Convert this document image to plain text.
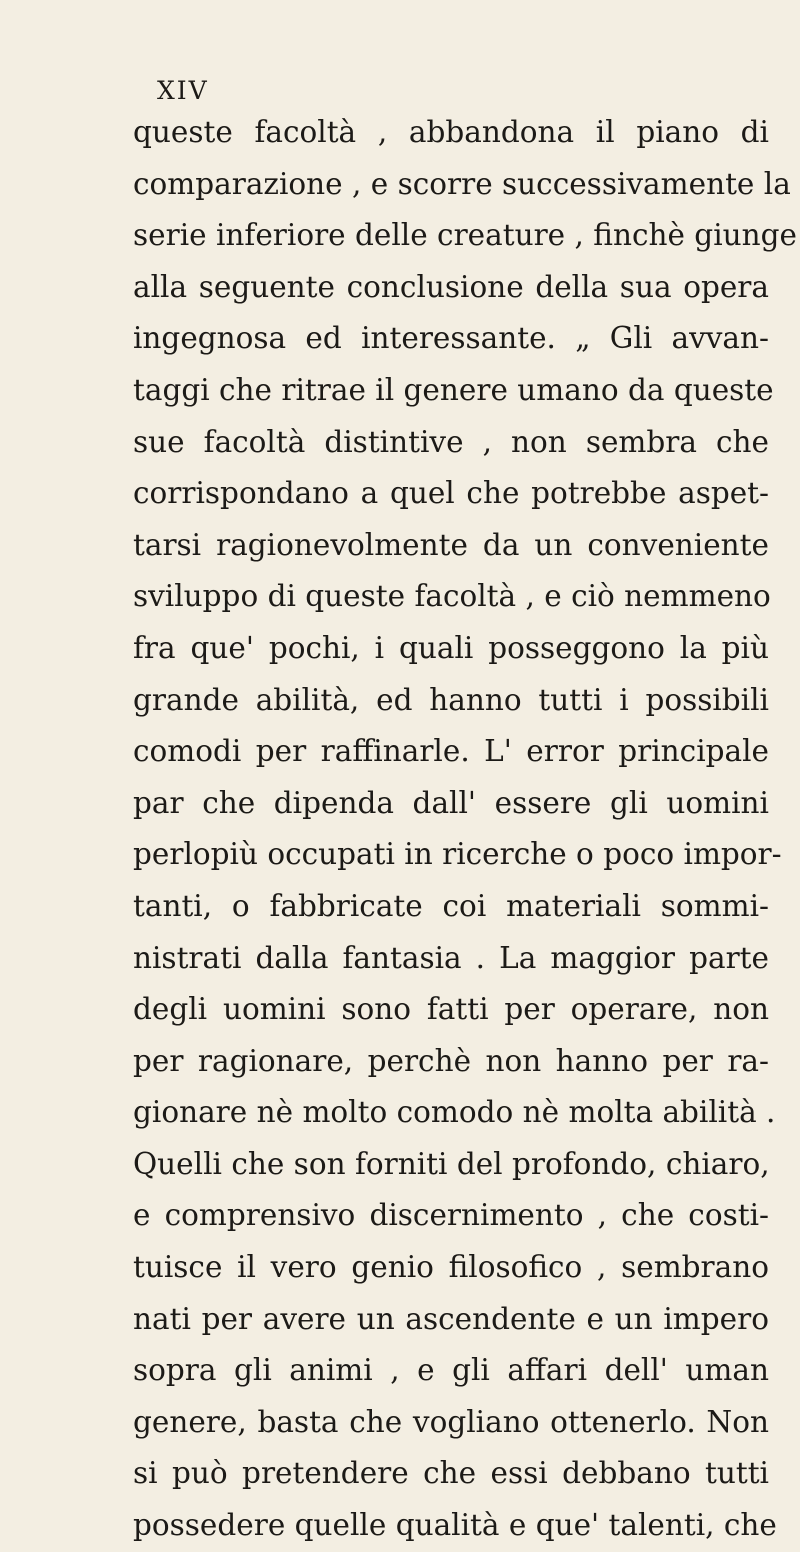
XIV
queste facoltà , abbandona il piano di
comparazione , e scorre successivamente la
serie inferiore delle creature , finchè giunge
alla seguente conclusione della sua opera
ingegnosa ed interessante. „ Gli avvan-
taggi che ritrae il genere umano da queste
sue facoltà distintive , non sembra che
corrispondano a quel che potrebbe aspet-
tarsi ragionevolmente da un conveniente
sviluppo di queste facoltà , e ciò nemmeno
fra que' pochi, i quali posseggono la più
grande abilità, ed hanno tutti i possibili
comodi per raffinarle. L' error principale
par che dipenda dall' essere gli uomini
perlopiù occupati in ricerche o poco impor-
tanti, o fabbricate coi materiali sommi-
nistrati dalla fantasia . La maggior parte
degli uomini sono fatti per operare, non
per ragionare, perchè non hanno per ra-
gionare nè molto comodo nè molta abilità .
Quelli che son forniti del profondo, chiaro,
e comprensivo discernimento , che costi-
tuisce il vero genio filosofico , sembrano
nati per avere un ascendente e un impero
sopra gli animi , e gli affari dell' uman
genere, basta che vogliano ottenerlo. Non
si può pretendere che essi debbano tutti
possedere quelle qualità e que' talenti, che
